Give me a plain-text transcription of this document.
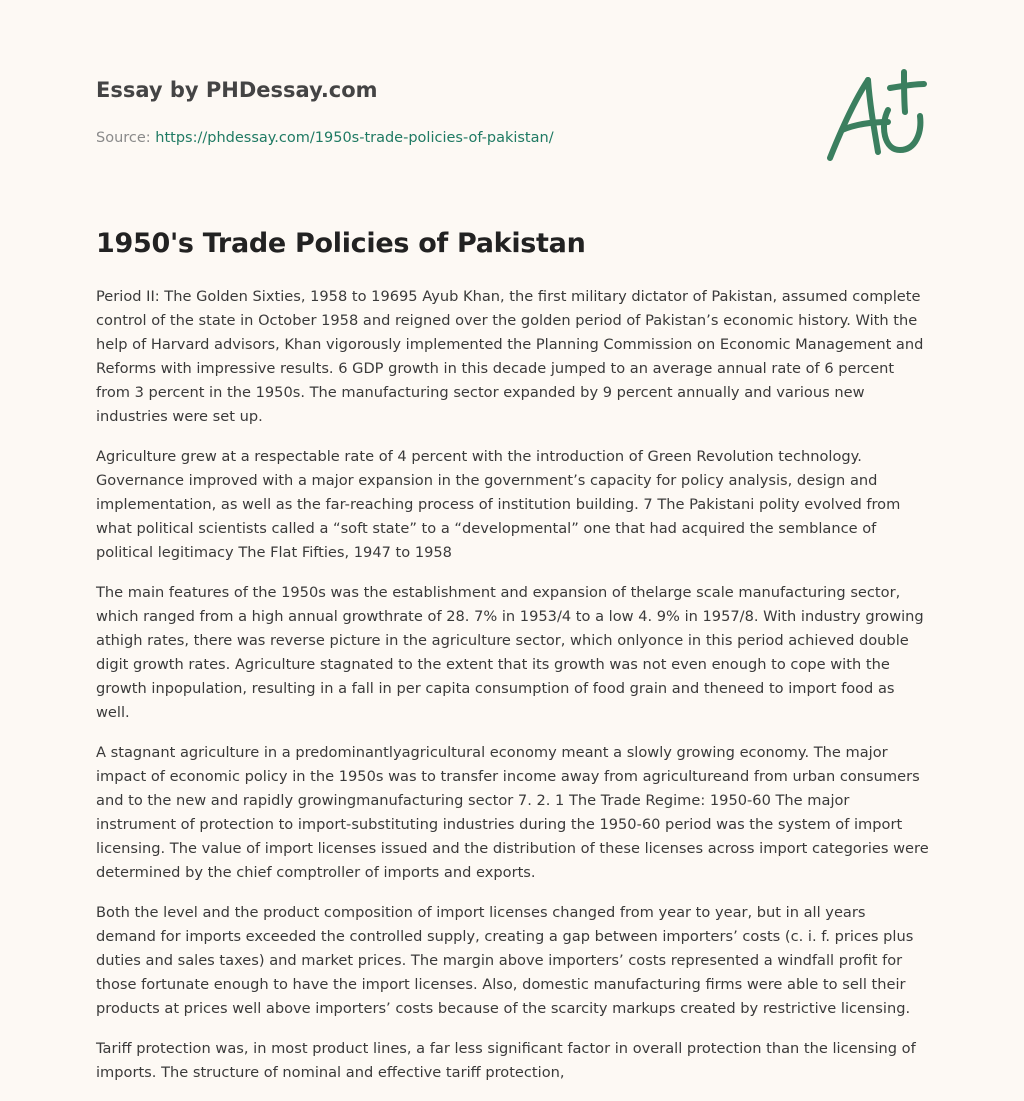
Essay by PHDessay.com
Source: https://phdessay.com/1950s-trade-policies-of-pakistan/
1950's Trade Policies of Pakistan

Period II: The Golden Sixties, 1958 to 19695 Ayub Khan, the first military dictator of Pakistan, assumed complete control of the state in October 1958 and reigned over the golden period of Pakistan’s economic history. With the help of Harvard advisors, Khan vigorously implemented the Planning Commission on Economic Management and Reforms with impressive results. 6 GDP growth in this decade jumped to an average annual rate of 6 percent from 3 percent in the 1950s. The manufacturing sector expanded by 9 percent annually and various new industries were set up.

Agriculture grew at a respectable rate of 4 percent with the introduction of Green Revolution technology. Governance improved with a major expansion in the government’s capacity for policy analysis, design and implementation, as well as the far-reaching process of institution building. 7 The Pakistani polity evolved from what political scientists called a “soft state” to a “developmental” one that had acquired the semblance of political legitimacy The Flat Fifties, 1947 to 1958

The main features of the 1950s was the establishment and expansion of thelarge scale manufacturing sector, which ranged from a high annual growthrate of 28. 7% in 1953/4 to a low 4. 9% in 1957/8. With industry growing athigh rates, there was reverse picture in the agriculture sector, which onlyonce in this period achieved double digit growth rates. Agriculture stagnated to the extent that its growth was not even enough to cope with the growth inpopulation, resulting in a fall in per capita consumption of food grain and theneed to import food as well.

A stagnant agriculture in a predominantlyagricultural economy meant a slowly growing economy. The major impact of economic policy in the 1950s was to transfer income away from agricultureand from urban consumers and to the new and rapidly growingmanufacturing sector 7. 2. 1 The Trade Regime: 1950-60 The major instrument of protection to import-substituting industries during the 1950-60 period was the system of import licensing. The value of import licenses issued and the distribution of these licenses across import categories were determined by the chief comptroller of imports and exports.

Both the level and the product composition of import licenses changed from year to year, but in all years demand for imports exceeded the controlled supply, creating a gap between importers’ costs (c. i. f. prices plus duties and sales taxes) and market prices. The margin above importers’ costs represented a windfall profit for those fortunate enough to have the import licenses. Also, domestic manufacturing firms were able to sell their products at prices well above importers’ costs because of the scarcity markups created by restrictive licensing.

Tariff protection was, in most product lines, a far less significant factor in overall protection than the licensing of imports. The structure of nominal and effective tariff protection,
